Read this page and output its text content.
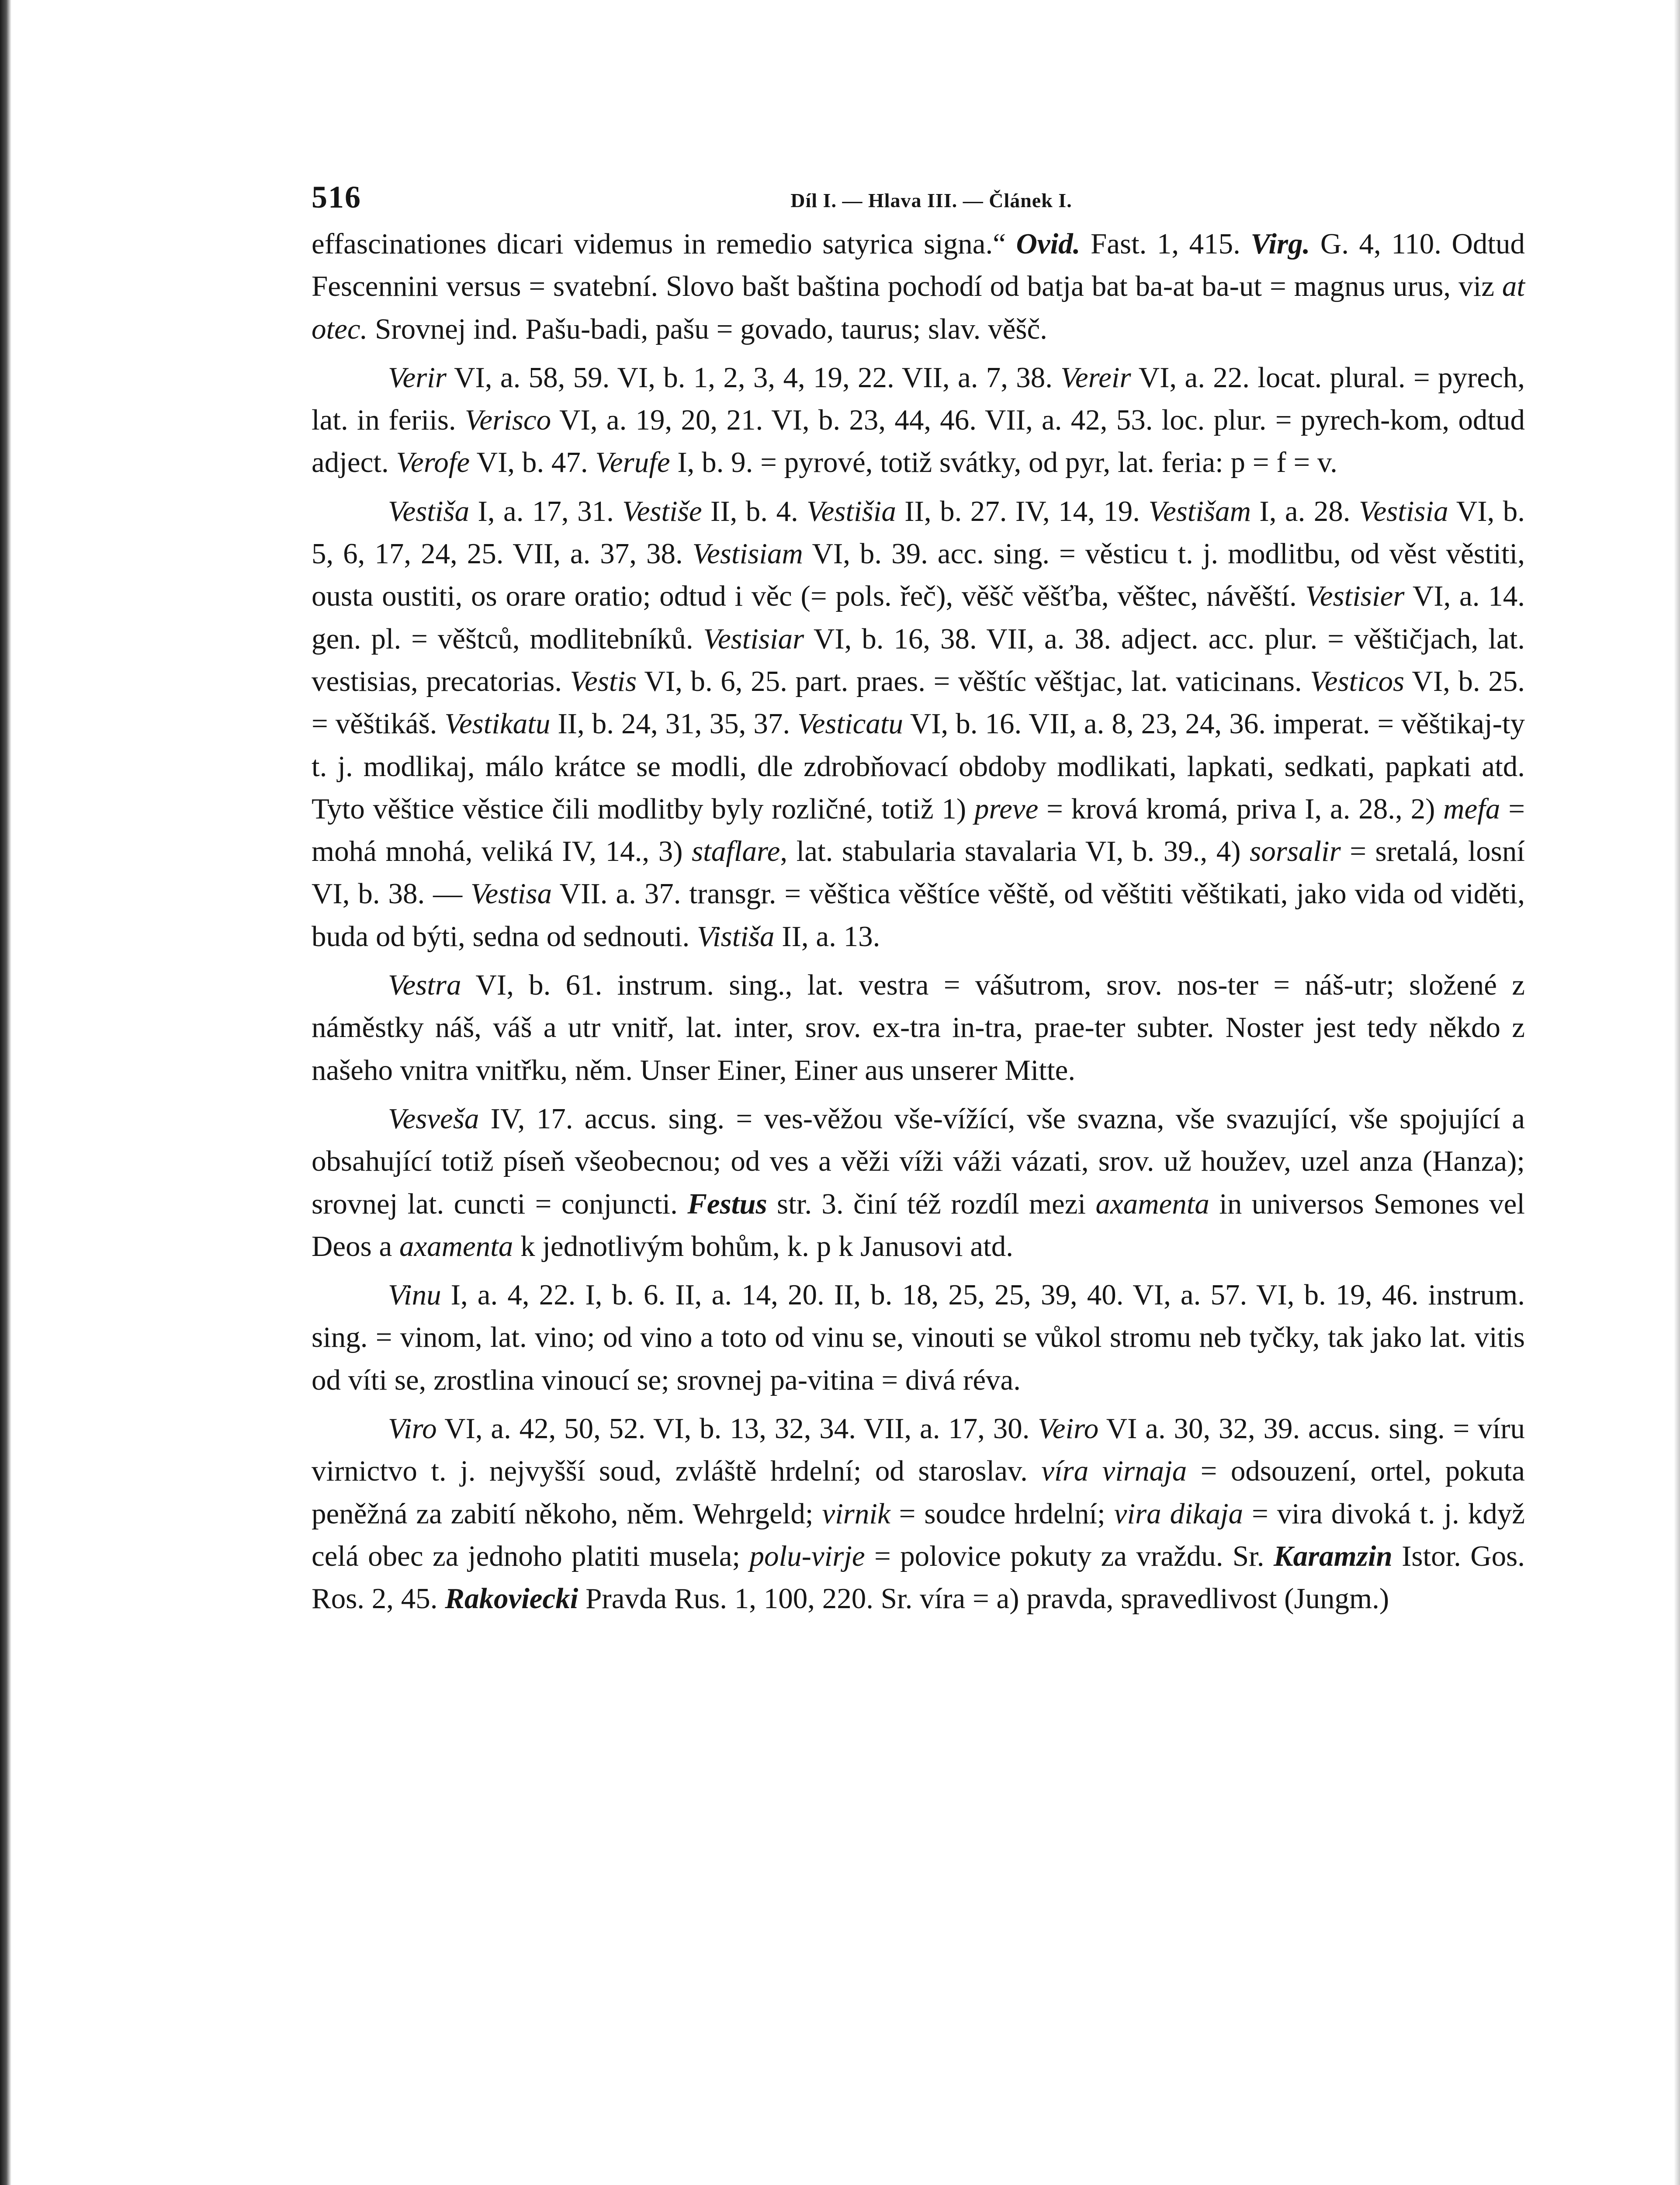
516	Díl I. — Hlava III. — Článek I.

effascinationes dicari videmus in remedio satyrica signa.“ Ovid. Fast. 1, 415. Virg. G. 4, 110. Odtud Fescennini versus = svatební. Slovo bašt baština pochodí od batja bat ba-at ba-ut = magnus urus, viz at otec. Srovnej ind. Pašu-badi, pašu = govado, taurus; slav. věšč.

Verir VI, a. 58, 59. VI, b. 1, 2, 3, 4, 19, 22. VII, a. 7, 38. Vereir VI, a. 22. locat. plural. = pyrech, lat. in feriis. Verisco VI, a. 19, 20, 21. VI, b. 23, 44, 46. VII, a. 42, 53. loc. plur. = pyrech-kom, odtud adject. Verofe VI, b. 47. Verufe I, b. 9. = pyrové, totiž svátky, od pyr, lat. feria: p = f = v.

Vestiša I, a. 17, 31. Vestiše II, b. 4. Vestišia II, b. 27. IV, 14, 19. Vestišam I, a. 28. Vestisia VI, b. 5, 6, 17, 24, 25. VII, a. 37, 38. Vestisiam VI, b. 39. acc. sing. = věsticu t. j. modlitbu, od věst věstiti, ousta oustiti, os orare oratio; odtud i věc (= pols. řeč), věšč věšťba, věštec, návěští. Vestisier VI, a. 14. gen. pl. = věštců, modlitebníků. Vestisiar VI, b. 16, 38. VII, a. 38. adject. acc. plur. = věštičjach, lat. vestisias, precatorias. Vestis VI, b. 6, 25. part. praes. = věštíc věštjac, lat. vaticinans. Vesticos VI, b. 25. = věštikáš. Vestikatu II, b. 24, 31, 35, 37. Vesticatu VI, b. 16. VII, a. 8, 23, 24, 36. imperat. = věštikaj-ty t. j. modlikaj, málo krátce se modli, dle zdrobňovací obdoby modlikati, lapkati, sedkati, papkati atd. Tyto věštice věstice čili modlitby byly rozličné, totiž 1) preve = krová kromá, priva I, a. 28., 2) mefa = mohá mnohá, veliká IV, 14., 3) staflare, lat. stabularia stavalaria VI, b. 39., 4) sorsalir = sretalá, losní VI, b. 38. — Vestisa VII. a. 37. transgr. = věštica věštíce věště, od věštiti věštikati, jako vida od viděti, buda od býti, sedna od sednouti. Vistiša II, a. 13.

Vestra VI, b. 61. instrum. sing., lat. vestra = vášutrom, srov. nos-ter = náš-utr; složené z náměstky náš, váš a utr vnitř, lat. inter, srov. ex-tra in-tra, prae-ter subter. Noster jest tedy někdo z našeho vnitra vnitřku, něm. Unser Einer, Einer aus unserer Mitte.

Vesveša IV, 17. accus. sing. = ves-věžou vše-vížící, vše svazna, vše svazující, vše spojující a obsahující totiž píseň všeobecnou; od ves a věži víži váži vázati, srov. už houžev, uzel anza (Hanza); srovnej lat. cuncti = conjuncti. Festus str. 3. činí též rozdíl mezi axamenta in universos Semones vel Deos a axamenta k jednotlivým bohům, k. p k Janusovi atd.

Vinu I, a. 4, 22. I, b. 6. II, a. 14, 20. II, b. 18, 25, 25, 39, 40. VI, a. 57. VI, b. 19, 46. instrum. sing. = vinom, lat. vino; od vino a toto od vinu se, vinouti se vůkol stromu neb tyčky, tak jako lat. vitis od víti se, zrostlina vinoucí se; srovnej pa-vitina = divá réva.

Viro VI, a. 42, 50, 52. VI, b. 13, 32, 34. VII, a. 17, 30. Veiro VI a. 30, 32, 39. accus. sing. = víru virnictvo t. j. nejvyšší soud, zvláště hrdelní; od staroslav. víra virnaja = odsouzení, ortel, pokuta peněžná za zabití někoho, něm. Wehrgeld; virnik = soudce hrdelní; vira dikaja = vira divoká t. j. když celá obec za jednoho platiti musela; polu-virje = polovice pokuty za vraždu. Sr. Karamzin Istor. Gos. Ros. 2, 45. Rakoviecki Pravda Rus. 1, 100, 220. Sr. víra = a) pravda, spravedlivost (Jungm.)
